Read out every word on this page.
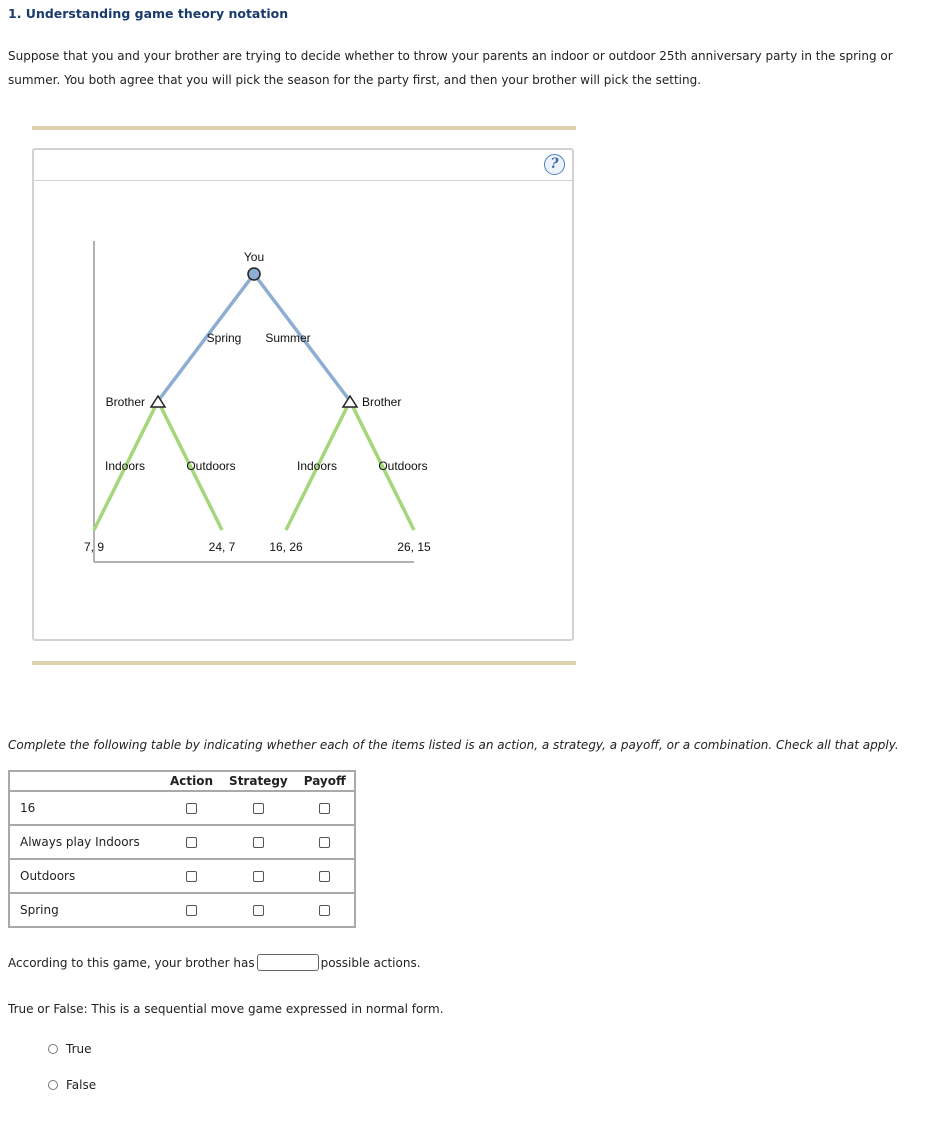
1. Understanding game theory notation
Suppose that you and your brother are trying to decide whether to throw your parents an indoor or outdoor 25th anniversary party in the spring or summer. You both agree that you will pick the season for the party first, and then your brother will pick the setting.
?
You
Spring Summer
Brother	Brother
Indoors	Outdoors	Indoors	Outdoors
7, 9	24, 7	16, 26	26, 15
Complete the following table by indicating whether each of the items listed is an action, a strategy, a payoff, or a combination. Check all that apply.
	Action	Strategy	Payoff
16			
Always play Indoors			
Outdoors			
Spring			
According to this game, your brother has	possible actions.
True or False: This is a sequential move game expressed in normal form.
True
False
